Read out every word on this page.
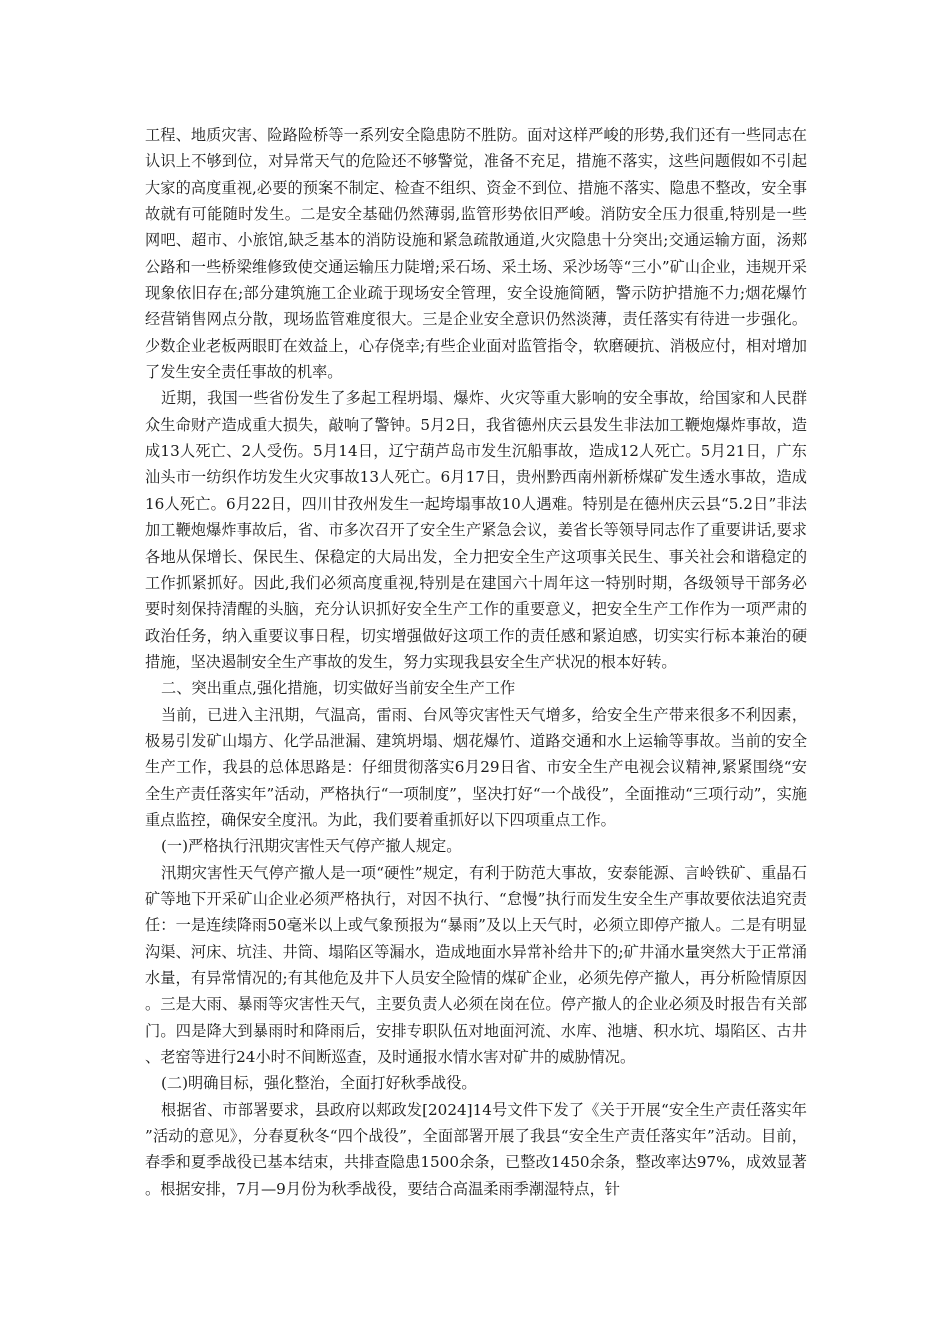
工程、地质灾害、险路险桥等一系列安全隐患防不胜防。面对这样严峻的形势,我们还有一些同志在认识上不够到位，对异常天气的危险还不够警觉，准备不充足，措施不落实，这些问题假如不引起大家的高度重视,必要的预案不制定、检查不组织、资金不到位、措施不落实、隐患不整改，安全事故就有可能随时发生。二是安全基础仍然薄弱,监管形势依旧严峻。消防安全压力很重,特别是一些网吧、超市、小旅馆,缺乏基本的消防设施和紧急疏散通道,火灾隐患十分突出;交通运输方面，汤郏公路和一些桥梁维修致使交通运输压力陡增;采石场、采土场、采沙场等“三小”矿山企业，违规开采现象依旧存在;部分建筑施工企业疏于现场安全管理，安全设施简陋，警示防护措施不力;烟花爆竹经营销售网点分散，现场监管难度很大。三是企业安全意识仍然淡薄，责任落实有待进一步强化。少数企业老板两眼盯在效益上，心存侥幸;有些企业面对监管指令，软磨硬抗、消极应付，相对增加了发生安全责任事故的机率。

近期，我国一些省份发生了多起工程坍塌、爆炸、火灾等重大影响的安全事故，给国家和人民群众生命财产造成重大损失，敲响了警钟。5月2日，我省德州庆云县发生非法加工鞭炮爆炸事故，造成13人死亡、2人受伤。5月14日，辽宁葫芦岛市发生沉船事故，造成12人死亡。5月21日，广东汕头市一纺织作坊发生火灾事故13人死亡。6月17日，贵州黔西南州新桥煤矿发生透水事故，造成16人死亡。6月22日，四川甘孜州发生一起垮塌事故10人遇难。特别是在德州庆云县“5.2日”非法加工鞭炮爆炸事故后，省、市多次召开了安全生产紧急会议，姜省长等领导同志作了重要讲话,要求各地从保增长、保民生、保稳定的大局出发，全力把安全生产这项事关民生、事关社会和谐稳定的工作抓紧抓好。因此,我们必须高度重视,特别是在建国六十周年这一特别时期，各级领导干部务必要时刻保持清醒的头脑，充分认识抓好安全生产工作的重要意义，把安全生产工作作为一项严肃的政治任务，纳入重要议事日程，切实增强做好这项工作的责任感和紧迫感，切实实行标本兼治的硬措施，坚决遏制安全生产事故的发生，努力实现我县安全生产状况的根本好转。

二、突出重点,强化措施，切实做好当前安全生产工作

当前，已进入主汛期，气温高，雷雨、台风等灾害性天气增多，给安全生产带来很多不利因素，极易引发矿山塌方、化学品泄漏、建筑坍塌、烟花爆竹、道路交通和水上运输等事故。当前的安全生产工作，我县的总体思路是：仔细贯彻落实6月29日省、市安全生产电视会议精神,紧紧围绕“安全生产责任落实年”活动，严格执行“一项制度”，坚决打好“一个战役”，全面推动“三项行动”，实施重点监控，确保安全度汛。为此，我们要着重抓好以下四项重点工作。

(一)严格执行汛期灾害性天气停产撤人规定。

汛期灾害性天气停产撤人是一项“硬性”规定，有利于防范大事故，安泰能源、言岭铁矿、重晶石矿等地下开采矿山企业必须严格执行，对因不执行、“怠慢”执行而发生安全生产事故要依法追究责任：一是连续降雨50毫米以上或气象预报为“暴雨”及以上天气时，必须立即停产撤人。二是有明显沟渠、河床、坑洼、井筒、塌陷区等漏水，造成地面水异常补给井下的;矿井涌水量突然大于正常涌水量，有异常情况的;有其他危及井下人员安全险情的煤矿企业，必须先停产撤人，再分析险情原因。三是大雨、暴雨等灾害性天气，主要负责人必须在岗在位。停产撤人的企业必须及时报告有关部门。四是降大到暴雨时和降雨后，安排专职队伍对地面河流、水库、池塘、积水坑、塌陷区、古井、老窑等进行24小时不间断巡查，及时通报水情水害对矿井的威胁情况。

(二)明确目标，强化整治，全面打好秋季战役。

根据省、市部署要求，县政府以郏政发[2024]14号文件下发了《关于开展“安全生产责任落实年”活动的意见》，分春夏秋冬“四个战役”，全面部署开展了我县“安全生产责任落实年”活动。目前，春季和夏季战役已基本结束，共排查隐患1500余条，已整改1450余条，整改率达97%，成效显著。根据安排，7月—9月份为秋季战役，要结合高温柔雨季潮湿特点，针
